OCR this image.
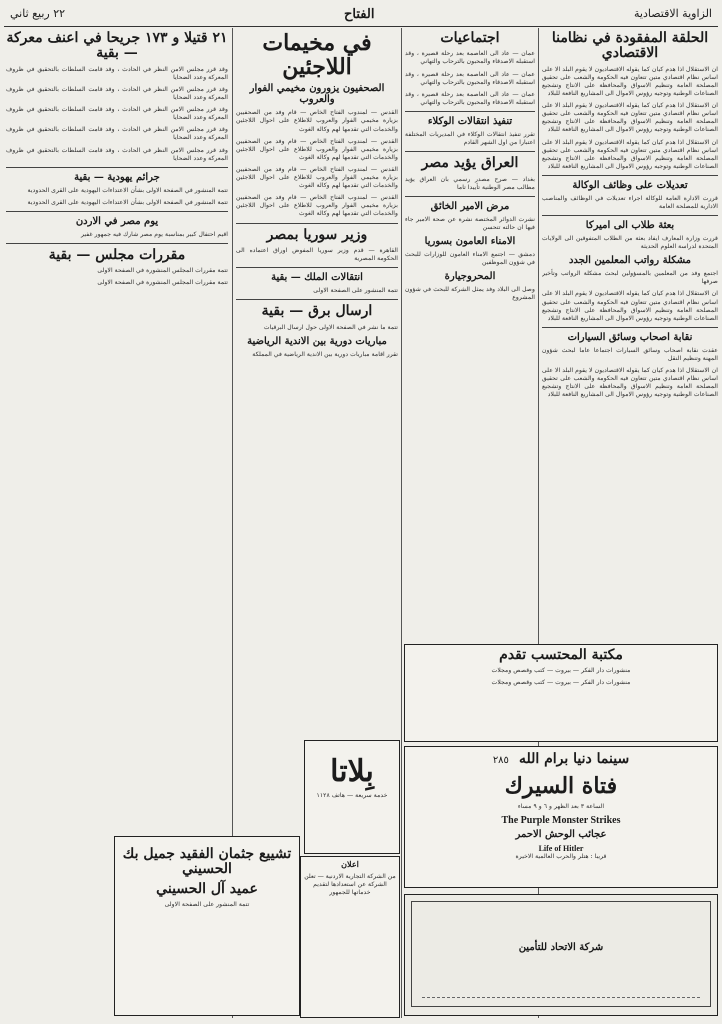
الزاوية الاقتصادية
الفتاح
٢٢ ربيع ثاني
الحلقة المفقودة في نظامنا الاقتصادي
ان الاستقلال اذا هدم كيان كما يقوله الاقتصاديون لا يقوم البلد الا على اساس نظام اقتصادي متين تتعاون فيه الحكومة والشعب على تحقيق المصلحة العامة وتنظيم الاسواق والمحافظة على الانتاج وتشجيع الصناعات الوطنية وتوجيه رؤوس الاموال الى المشاريع النافعة للبلاد
ان الاستقلال اذا هدم كيان كما يقوله الاقتصاديون لا يقوم البلد الا على اساس نظام اقتصادي متين تتعاون فيه الحكومة والشعب على تحقيق المصلحة العامة وتنظيم الاسواق والمحافظة على الانتاج وتشجيع الصناعات الوطنية وتوجيه رؤوس الاموال الى المشاريع النافعة للبلاد
ان الاستقلال اذا هدم كيان كما يقوله الاقتصاديون لا يقوم البلد الا على اساس نظام اقتصادي متين تتعاون فيه الحكومة والشعب على تحقيق المصلحة العامة وتنظيم الاسواق والمحافظة على الانتاج وتشجيع الصناعات الوطنية وتوجيه رؤوس الاموال الى المشاريع النافعة للبلاد
تعديلات على وظائف الوكالة
قررت الادارة العامة للوكالة اجراء تعديلات في الوظائف والمناصب الادارية للمصلحة العامة
بعثة طلاب الى اميركا
قررت وزارة المعارف ايفاد بعثة من الطلاب المتفوقين الى الولايات المتحدة لدراسة العلوم الحديثة
مشكلة رواتب المعلمين الجدد
اجتمع وفد من المعلمين بالمسؤولين لبحث مشكلة الرواتب وتأخير صرفها
ان الاستقلال اذا هدم كيان كما يقوله الاقتصاديون لا يقوم البلد الا على اساس نظام اقتصادي متين تتعاون فيه الحكومة والشعب على تحقيق المصلحة العامة وتنظيم الاسواق والمحافظة على الانتاج وتشجيع الصناعات الوطنية وتوجيه رؤوس الاموال الى المشاريع النافعة للبلاد
نقابة اصحاب وسائق السيارات
عقدت نقابة اصحاب وسائق السيارات اجتماعا عاما لبحث شؤون المهنة وتنظيم النقل
ان الاستقلال اذا هدم كيان كما يقوله الاقتصاديون لا يقوم البلد الا على اساس نظام اقتصادي متين تتعاون فيه الحكومة والشعب على تحقيق المصلحة العامة وتنظيم الاسواق والمحافظة على الانتاج وتشجيع الصناعات الوطنية وتوجيه رؤوس الاموال الى المشاريع النافعة للبلاد
مكتبة المحتسب تقدم
منشورات دار الفكر — بيروت — كتب وقصص ومجلات
منشورات دار الفكر — بيروت — كتب وقصص ومجلات
سينما دنيا برام الله
٢٨٥
فتاة السيرك
الساعة ٣ بعد الظهر و ٦ و ٩ مساء
The Purple Monster Strikes
عجائب الوحش الاحمر
Life of Hitler
قريبا : هتلر والحرب العالمية الاخيرة
شركة الاتحاد للتأمين
اجتماعيات
عمان — عاد الى العاصمة بعد رحلة قصيرة ، وقد استقبله الاصدقاء والمحبون بالترحاب والتهاني
عمان — عاد الى العاصمة بعد رحلة قصيرة ، وقد استقبله الاصدقاء والمحبون بالترحاب والتهاني
عمان — عاد الى العاصمة بعد رحلة قصيرة ، وقد استقبله الاصدقاء والمحبون بالترحاب والتهاني
تنفيذ انتقالات الوكلاء
تقرر تنفيذ انتقالات الوكلاء في المديريات المختلفة اعتبارا من اول الشهر القادم
العراق يؤيد مصر
بغداد — صرح مصدر رسمي بان العراق يؤيد مطالب مصر الوطنية تأييدا تاما
مرض الامير الخائق
نشرت الدوائر المختصة نشرة عن صحة الامير جاء فيها ان حالته تتحسن
الامناء العامون بسوريا
دمشق — اجتمع الامناء العامون للوزارات للبحث في شؤون الموظفين
المحروجيارة
وصل الى البلاد وفد يمثل الشركة للبحث في شؤون المشروع
اعلان
من الشركة التجارية الاردنية — تعلن الشركة عن استعدادها لتقديم خدماتها للجمهور
بِلاتا
خدمة سريعة — هاتف ١١٢٨
في مخيمات اللاجئين
الصحفيون يزورون مخيمي الفوار والعروب
القدس — لمندوب الفتاح الخاص — قام وفد من الصحفيين بزيارة مخيمي الفوار والعروب للاطلاع على احوال اللاجئين والخدمات التي تقدمها لهم وكالة الغوث
القدس — لمندوب الفتاح الخاص — قام وفد من الصحفيين بزيارة مخيمي الفوار والعروب للاطلاع على احوال اللاجئين والخدمات التي تقدمها لهم وكالة الغوث
القدس — لمندوب الفتاح الخاص — قام وفد من الصحفيين بزيارة مخيمي الفوار والعروب للاطلاع على احوال اللاجئين والخدمات التي تقدمها لهم وكالة الغوث
القدس — لمندوب الفتاح الخاص — قام وفد من الصحفيين بزيارة مخيمي الفوار والعروب للاطلاع على احوال اللاجئين والخدمات التي تقدمها لهم وكالة الغوث
وزير سوريا بمصر
القاهرة — قدم وزير سوريا المفوض اوراق اعتماده الى الحكومة المصرية
انتقالات الملك — بقية
تتمة المنشور على الصفحة الاولى
ارسال برق — بقية
تتمة ما نشر في الصفحة الاولى حول ارسال البرقيات
مباريات دورية بين الاندية الرياضية
تقرر اقامة مباريات دورية بين الاندية الرياضية في المملكة
تشييع جثمان الفقيد جميل بك الحسيني
عميد آل الحسيني
تتمة المنشور على الصفحة الاولى
٢١ قتيلا و ١٧٣ جريحا في اعنف معركة — بقية
وقد قرر مجلس الامن النظر في الحادث ، وقد قامت السلطات بالتحقيق في ظروف المعركة وعدد الضحايا
وقد قرر مجلس الامن النظر في الحادث ، وقد قامت السلطات بالتحقيق في ظروف المعركة وعدد الضحايا
وقد قرر مجلس الامن النظر في الحادث ، وقد قامت السلطات بالتحقيق في ظروف المعركة وعدد الضحايا
وقد قرر مجلس الامن النظر في الحادث ، وقد قامت السلطات بالتحقيق في ظروف المعركة وعدد الضحايا
وقد قرر مجلس الامن النظر في الحادث ، وقد قامت السلطات بالتحقيق في ظروف المعركة وعدد الضحايا
جرائم يهودية — بقية
تتمة المنشور في الصفحة الاولى بشأن الاعتداءات اليهودية على القرى الحدودية
تتمة المنشور في الصفحة الاولى بشأن الاعتداءات اليهودية على القرى الحدودية
يوم مصر في الاردن
اقيم احتفال كبير بمناسبة يوم مصر شارك فيه جمهور غفير
مقررات مجلس — بقية
تتمة مقررات المجلس المنشورة في الصفحة الاولى
تتمة مقررات المجلس المنشورة في الصفحة الاولى
